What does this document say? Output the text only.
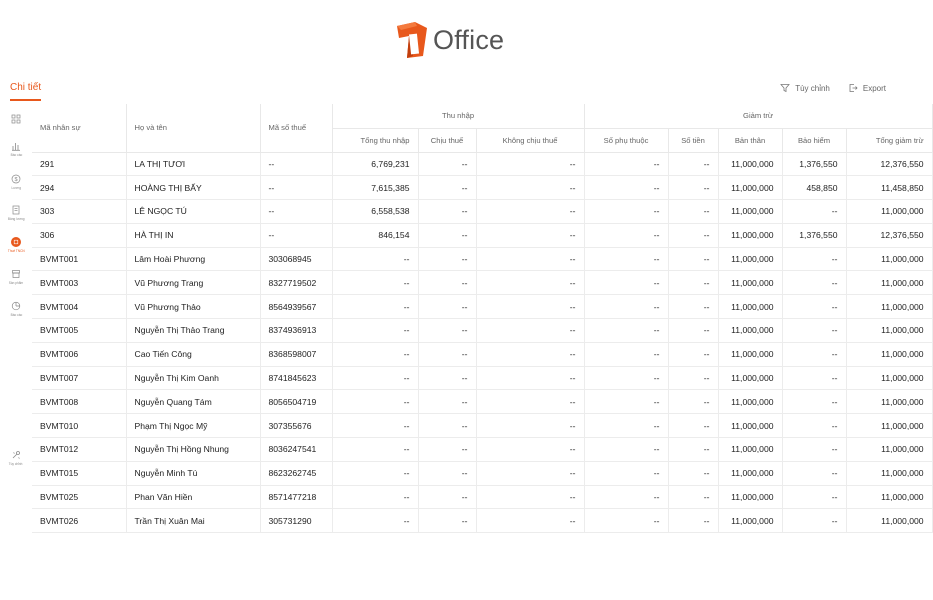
Office
Chi tiết	Tùy chỉnh	Export
Báo cáo
$
Lương
Bảng lương
Thuế TNCN
Sản phẩm
Báo cáo
Tùy chỉnh
Mã nhân sự	Họ và tên	Mã số thuế	Thu nhập			Giảm trừ				
			Tổng thu nhập	Chịu thuế	Không chịu thuế	Số phụ thuộc	Số tiền	Bản thân	Bảo hiểm	Tổng giảm trừ
291	LA THỊ TƯƠI	--	6,769,231	--	--	--	--	11,000,000	1,376,550	12,376,550
294	HOÀNG THỊ BẤY	--	7,615,385	--	--	--	--	11,000,000	458,850	11,458,850
303	LÊ NGỌC TÚ	--	6,558,538	--	--	--	--	11,000,000	--	11,000,000
306	HÀ THỊ IN	--	846,154	--	--	--	--	11,000,000	1,376,550	12,376,550
BVMT001	Lâm Hoài Phương	303068945	--	--	--	--	--	11,000,000	--	11,000,000
BVMT003	Vũ Phương Trang	8327719502	--	--	--	--	--	11,000,000	--	11,000,000
BVMT004	Vũ Phương Thảo	8564939567	--	--	--	--	--	11,000,000	--	11,000,000
BVMT005	Nguyễn Thị Thảo Trang	8374936913	--	--	--	--	--	11,000,000	--	11,000,000
BVMT006	Cao Tiến Công	8368598007	--	--	--	--	--	11,000,000	--	11,000,000
BVMT007	Nguyễn Thị Kim Oanh	8741845623	--	--	--	--	--	11,000,000	--	11,000,000
BVMT008	Nguyễn Quang Tám	8056504719	--	--	--	--	--	11,000,000	--	11,000,000
BVMT010	Phạm Thị Ngọc Mỹ	307355676	--	--	--	--	--	11,000,000	--	11,000,000
BVMT012	Nguyễn Thị Hồng Nhung	8036247541	--	--	--	--	--	11,000,000	--	11,000,000
BVMT015	Nguyễn Minh Tú	8623262745	--	--	--	--	--	11,000,000	--	11,000,000
BVMT025	Phan Văn Hiền	8571477218	--	--	--	--	--	11,000,000	--	11,000,000
BVMT026	Trần Thị Xuân Mai	305731290	--	--	--	--	--	11,000,000	--	11,000,000
